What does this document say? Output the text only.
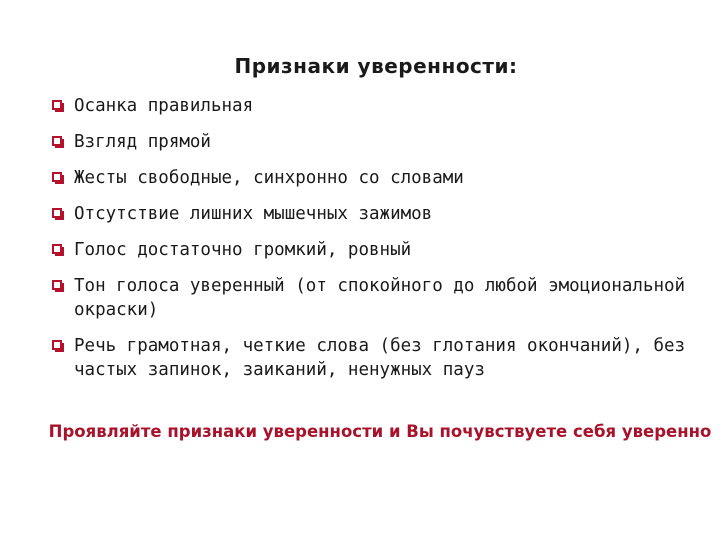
Признаки уверенности:
Осанка правильная
Взгляд прямой
Жесты свободные, синхронно со словами
Отсутствие лишних мышечных зажимов
Голос достаточно громкий, ровный
Тон голоса уверенный (от спокойного до любой эмоциональной окраски)
Речь грамотная, четкие слова (без глотания окончаний), без частых запинок, заиканий, ненужных пауз
Проявляйте признаки уверенности и Вы почувствуете себя уверенно
